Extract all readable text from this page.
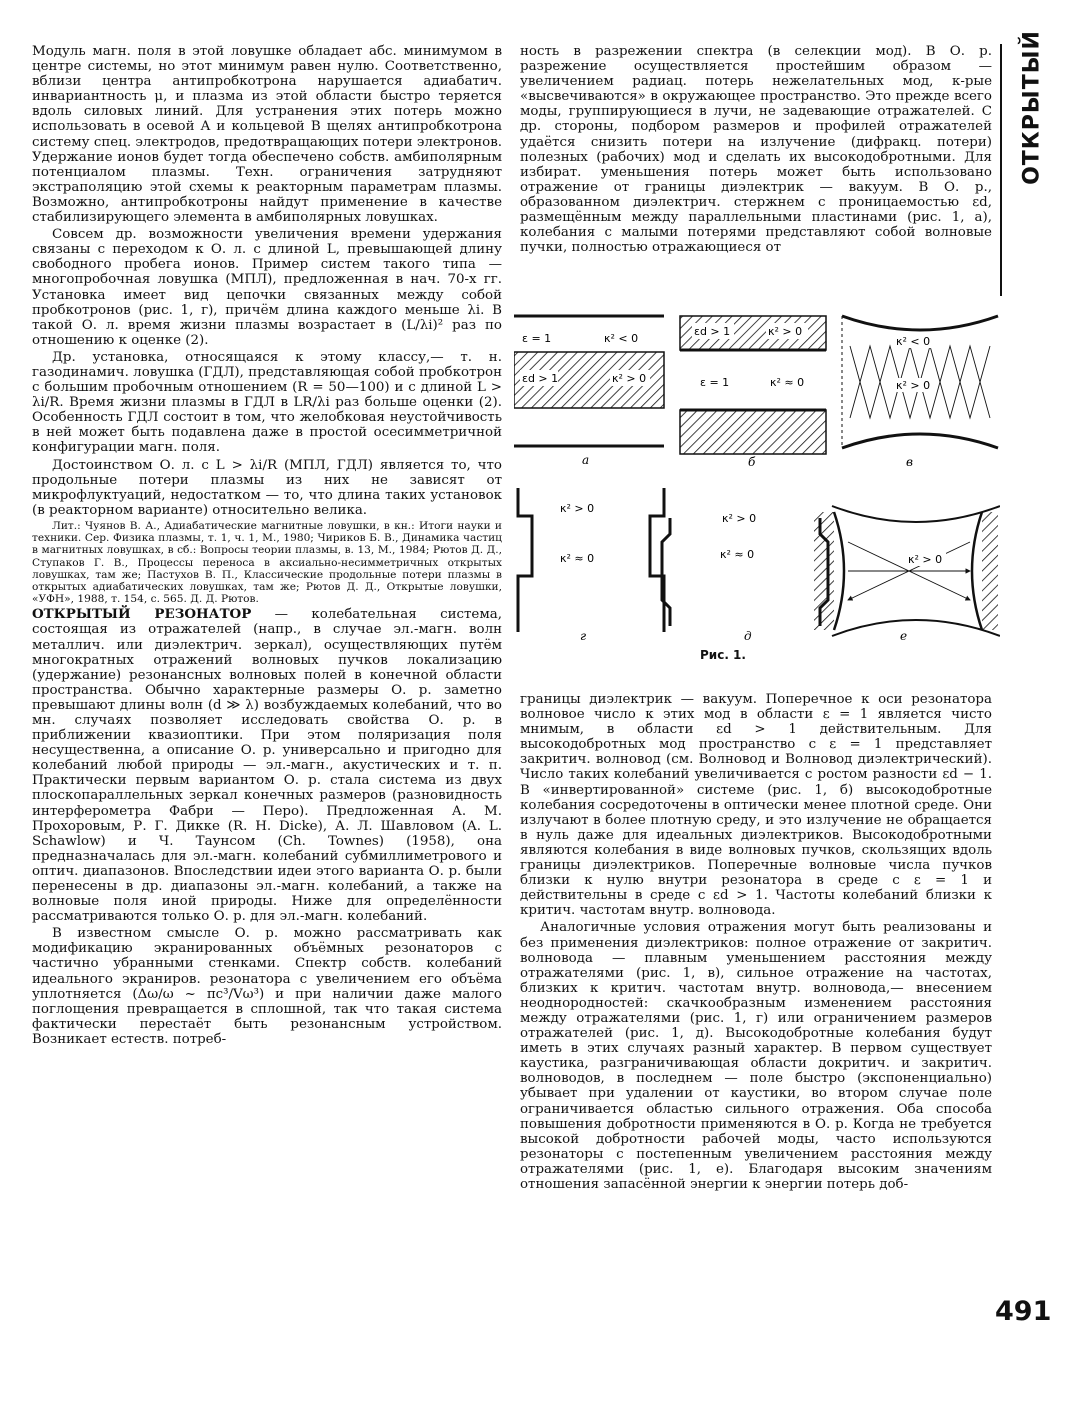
ОТКРЫТЫЙ

Модуль магн. поля в этой ловушке обладает абс. минимумом в центре системы, но этот минимум равен нулю. Соответственно, вблизи центра антипробкотрона нарушается адиабатич. инвариантность μ, и плазма из этой области быстро теряется вдоль силовых линий. Для устранения этих потерь можно использовать в осевой A и кольцевой B щелях антипробкотрона систему спец. электродов, предотвращающих потери электронов. Удержание ионов будет тогда обеспечено собств. амбиполярным потенциалом плазмы. Техн. ограничения затрудняют экстраполяцию этой схемы к реакторным параметрам плазмы. Возможно, антипробкотроны найдут применение в качестве стабилизирующего элемента в амбиполярных ловушках.

Совсем др. возможности увеличения времени удержания связаны с переходом к О. л. с длиной L, превышающей длину свободного пробега ионов. Пример систем такого типа — многопробочная ловушка (МПЛ), предложенная в нач. 70-х гг. Установка имеет вид цепочки связанных между собой пробкотронов (рис. 1, г), причём длина каждого меньше λi. В такой О. л. время жизни плазмы возрастает в (L/λi)² раз по отношению к оценке (2).

Др. установка, относящаяся к этому классу,— т. н. газодинамич. ловушка (ГДЛ), представляющая собой пробкотрон с большим пробочным отношением (R = 50—100) и с длиной L > λi/R. Время жизни плазмы в ГДЛ в LR/λi раз больше оценки (2). Особенность ГДЛ состоит в том, что желобковая неустойчивость в ней может быть подавлена даже в простой осесимметричной конфигурации магн. поля.

Достоинством О. л. с L > λi/R (МПЛ, ГДЛ) является то, что продольные потери плазмы из них не зависят от микрофлуктуаций, недостатком — то, что длина таких установок (в реакторном варианте) относительно велика.

Лит.: Чуянов В. А., Адиабатические магнитные ловушки, в кн.: Итоги науки и техники. Сер. Физика плазмы, т. 1, ч. 1, М., 1980; Чириков Б. В., Динамика частиц в магнитных ловушках, в сб.: Вопросы теории плазмы, в. 13, М., 1984; Рютов Д. Д., Ступаков Г. В., Процессы переноса в аксиально-несимметричных открытых ловушках, там же; Пастухов В. П., Классические продольные потери плазмы в открытых адиабатических ловушках, там же; Рютов Д. Д., Открытые ловушки, «УФН», 1988, т. 154, с. 565. Д. Д. Рютов.

ОТКРЫТЫЙ РЕЗОНАТОР — колебательная система, состоящая из отражателей (напр., в случае эл.-магн. волн металлич. или диэлектрич. зеркал), осуществляющих путём многократных отражений волновых пучков локализацию (удержание) резонансных волновых полей в конечной области пространства. Обычно характерные размеры О. р. заметно превышают длины волн (d ≫ λ) возбуждаемых колебаний, что во мн. случаях позволяет исследовать свойства О. р. в приближении квазиоптики. При этом поляризация поля несущественна, а описание О. р. универсально и пригодно для колебаний любой природы — эл.-магн., акустических и т. п. Практически первым вариантом О. р. стала система из двух плоскопараллельных зеркал конечных размеров (разновидность интерферометра Фабри — Перо). Предложенная А. М. Прохоровым, Р. Г. Дикке (R. H. Dicke), А. Л. Шавловом (A. L. Schawlow) и Ч. Таунсом (Ch. Townes) (1958), она предназначалась для эл.-магн. колебаний субмиллиметрового и оптич. диапазонов. Впоследствии идеи этого варианта О. р. были перенесены в др. диапазоны эл.-магн. колебаний, а также на волновые поля иной природы. Ниже для определённости рассматриваются только О. р. для эл.-магн. колебаний.

В известном смысле О. р. можно рассматривать как модификацию экранированных объёмных резонаторов с частично убранными стенками. Спектр собств. колебаний идеального экраниров. резонатора с увеличением его объёма уплотняется (Δω/ω ~ πc³/Vω³) и при наличии даже малого поглощения превращается в сплошной, так что такая система фактически перестаёт быть резонансным устройством. Возникает естеств. потреб-

ность в разрежении спектра (в селекции мод). В О. р. разрежение осуществляется простейшим образом — увеличением радиац. потерь нежелательных мод, к-рые «высвечиваются» в окружающее пространство. Это прежде всего моды, группирующиеся в лучи, не задевающие отражателей. С др. стороны, подбором размеров и профилей отражателей удаётся снизить потери на излучение (дифракц. потери) полезных (рабочих) мод и сделать их высокодобротными. Для избират. уменьшения потерь может быть использовано отражение от границы диэлектрик — вакуум. В О. р., образованном диэлектрич. стержнем с проницаемостью εd, размещённым между параллельными пластинами (рис. 1, а), колебания с малыми потерями представляют собой волновые пучки, полностью отражающиеся от

ε = 1	κ² < 0
εd > 1	κ² > 0
а
εd > 1	κ² > 0
ε = 1	κ² ≈ 0
б
κ² < 0
κ² > 0
в
κ² > 0
κ² ≈ 0
г
κ² > 0
κ² ≈ 0
д
κ² > 0
е
Рис. 1.

границы диэлектрик — вакуум. Поперечное к оси резонатора волновое число κ этих мод в области ε = 1 является чисто мнимым, в области εd > 1 действительным. Для высокодобротных мод пространство с ε = 1 представляет закритич. волновод (см. Волновод и Волновод диэлектрический). Число таких колебаний увеличивается с ростом разности εd − 1. В «инвертированной» системе (рис. 1, б) высокодобротные колебания сосредоточены в оптически менее плотной среде. Они излучают в более плотную среду, и это излучение не обращается в нуль даже для идеальных диэлектриков. Высокодобротными являются колебания в виде волновых пучков, скользящих вдоль границы диэлектриков. Поперечные волновые числа пучков близки к нулю внутри резонатора в среде с ε = 1 и действительны в среде с εd > 1. Частоты колебаний близки к критич. частотам внутр. волновода.

Аналогичные условия отражения могут быть реализованы и без применения диэлектриков: полное отражение от закритич. волновода — плавным уменьшением расстояния между отражателями (рис. 1, в), сильное отражение на частотах, близких к критич. частотам внутр. волновода,— внесением неоднородностей: скачкообразным изменением расстояния между отражателями (рис. 1, г) или ограничением размеров отражателей (рис. 1, д). Высокодобротные колебания будут иметь в этих случаях разный характер. В первом существует каустика, разграничивающая области докритич. и закритич. волноводов, в последнем — поле быстро (экспоненциально) убывает при удалении от каустики, во втором случае поле ограничивается областью сильного отражения. Оба способа повышения добротности применяются в О. р. Когда не требуется высокой добротности рабочей моды, часто используются резонаторы с постепенным увеличением расстояния между отражателями (рис. 1, е). Благодаря высоким значениям отношения запасённой энергии к энергии потерь доб-

491
